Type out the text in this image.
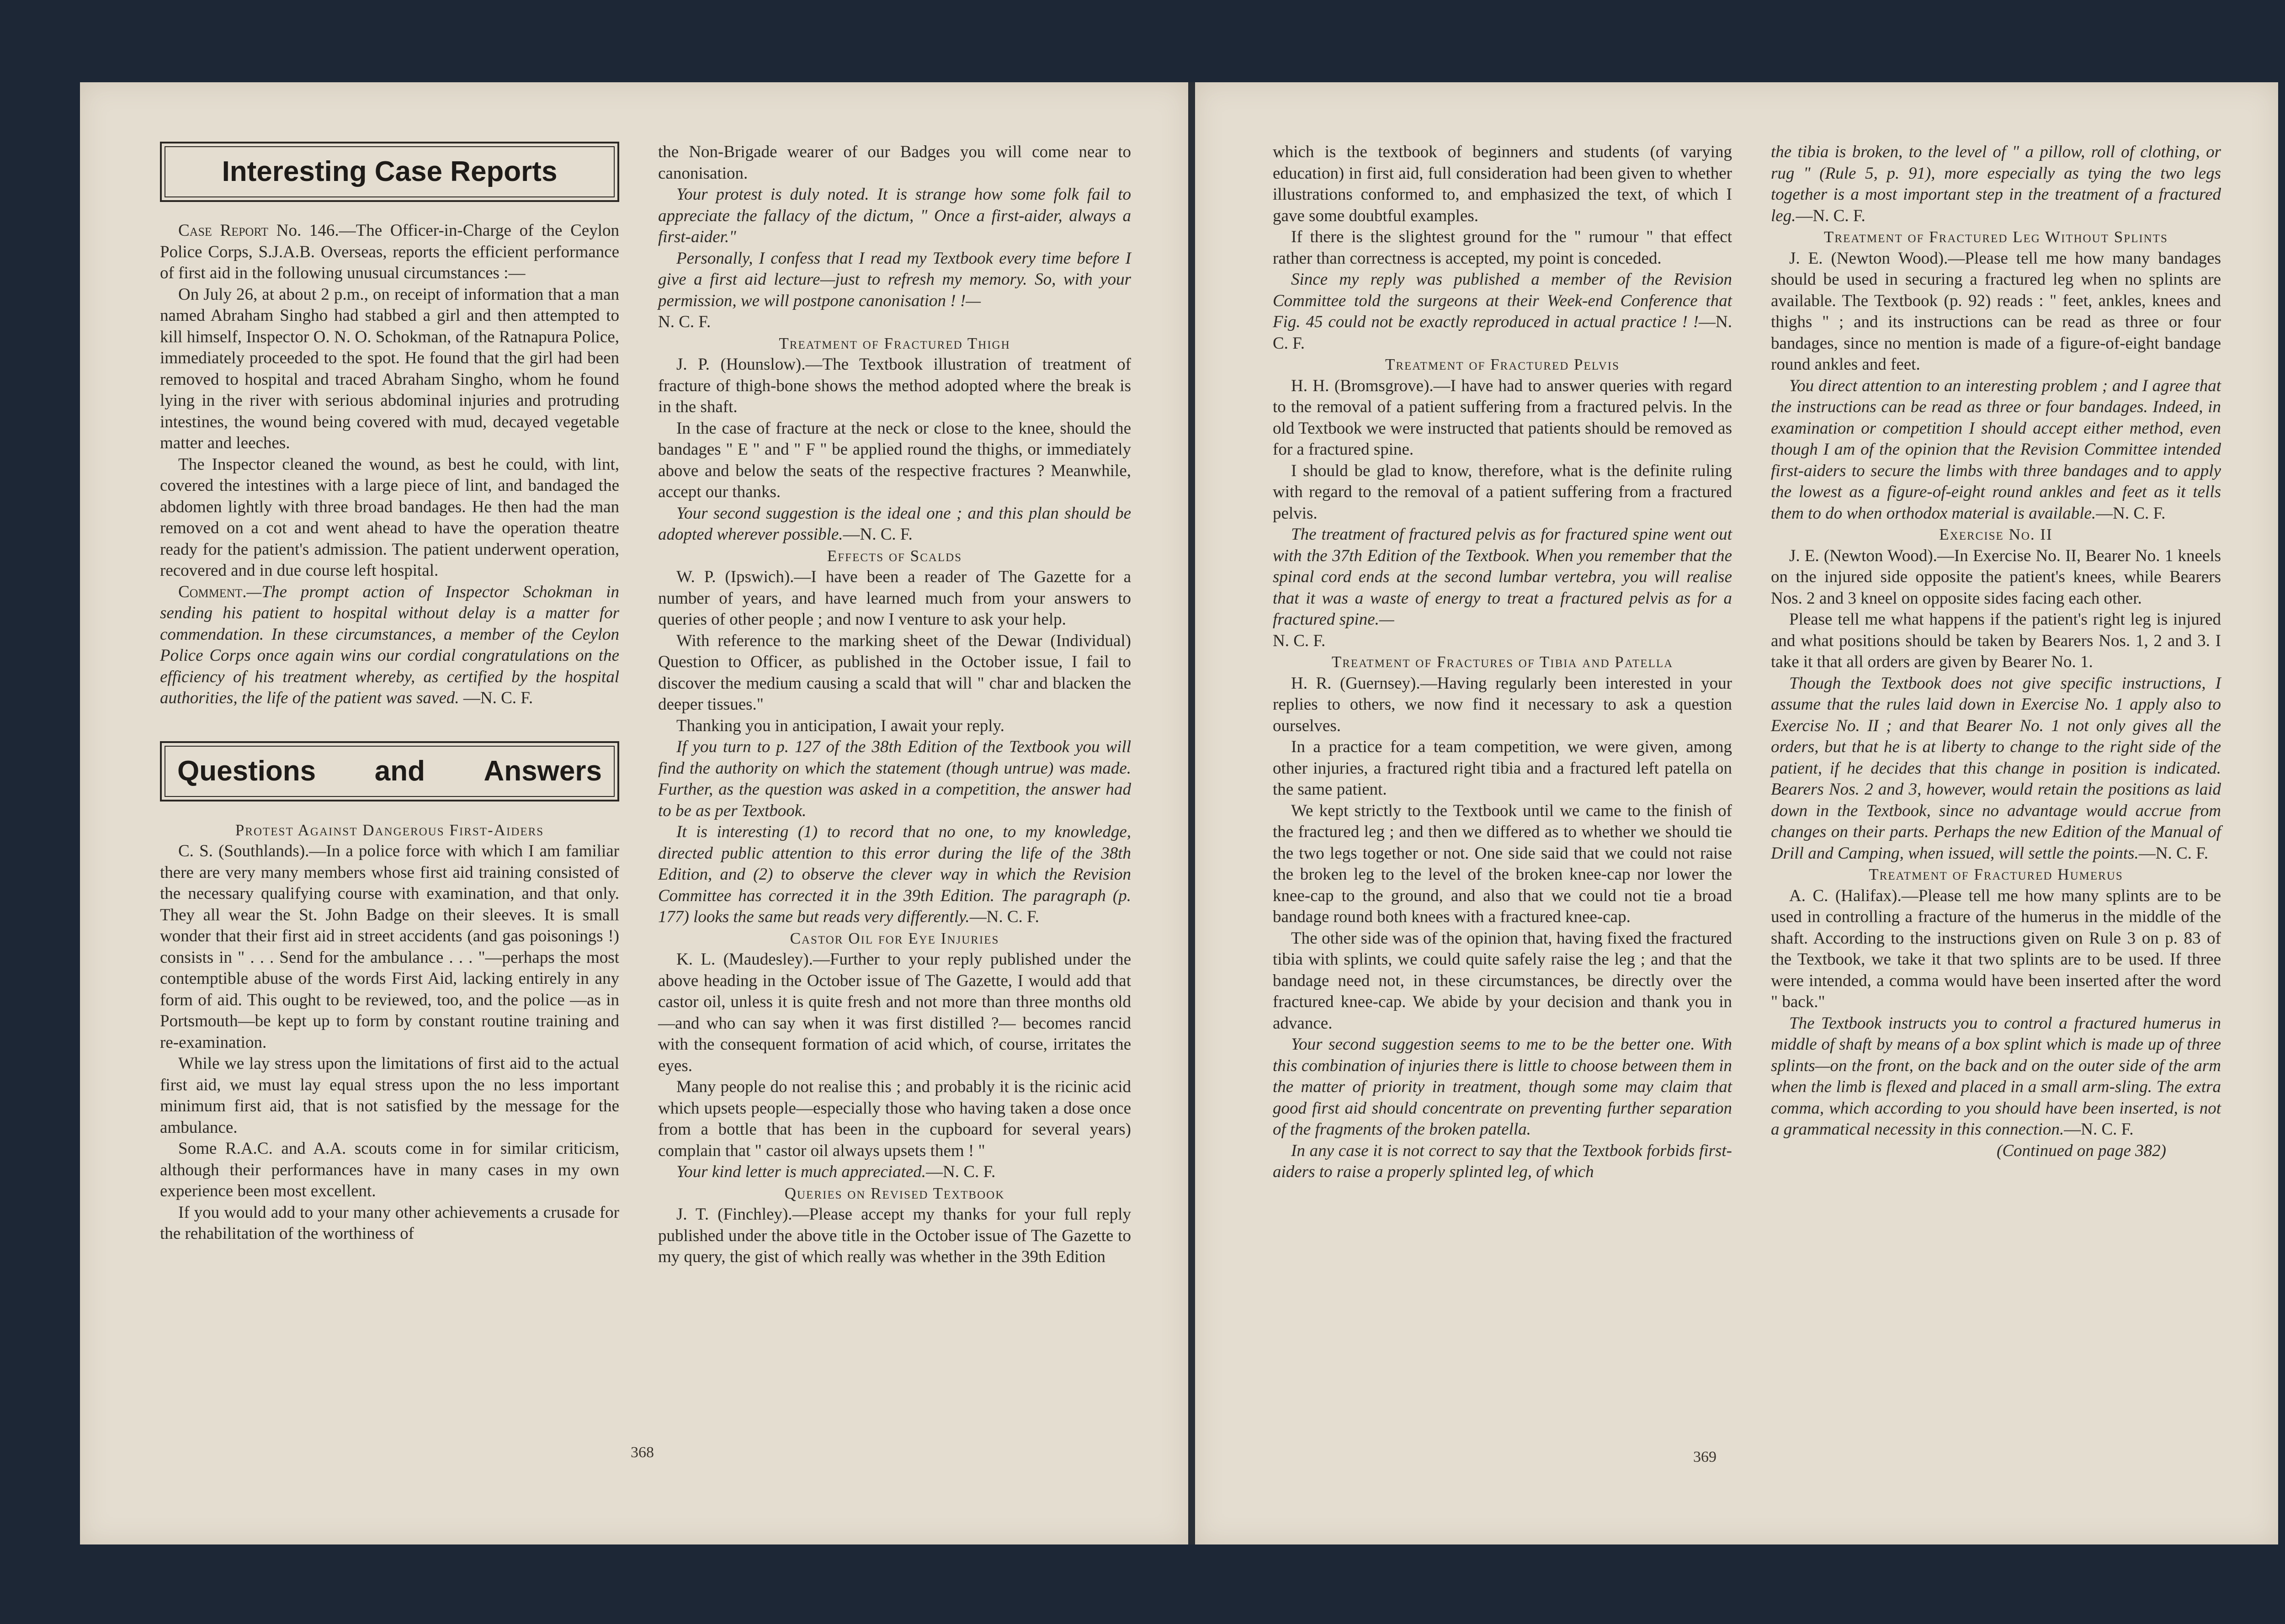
Interesting Case Reports

Case Report No. 146.—The Officer-in-Charge of the Ceylon Police Corps, S.J.A.B. Overseas, reports the efficient performance of first aid in the following unusual circumstances :—

On July 26, at about 2 p.m., on receipt of information that a man named Abraham Singho had stabbed a girl and then attempted to kill himself, Inspector O. N. O. Schokman, of the Ratnapura Police, immediately proceeded to the spot. He found that the girl had been removed to hospital and traced Abraham Singho, whom he found lying in the river with serious abdominal injuries and protruding intestines, the wound being covered with mud, decayed vegetable matter and leeches.

The Inspector cleaned the wound, as best he could, with lint, covered the intestines with a large piece of lint, and bandaged the abdomen lightly with three broad bandages. He then had the man removed on a cot and went ahead to have the operation theatre ready for the patient's admission. The patient underwent operation, recovered and in due course left hospital.

Comment.—The prompt action of Inspector Schokman in sending his patient to hospital without delay is a matter for commendation. In these circumstances, a member of the Ceylon Police Corps once again wins our cordial congratulations on the efficiency of his treatment whereby, as certified by the hospital authorities, the life of the patient was saved. —N. C. F.

Questions and Answers

Protest Against Dangerous First-Aiders

C. S. (Southlands).—In a police force with which I am familiar there are very many members whose first aid training consisted of the necessary qualifying course with examination, and that only. They all wear the St. John Badge on their sleeves. It is small wonder that their first aid in street accidents (and gas poisonings !) consists in " . . . Send for the ambulance . . . "—perhaps the most contemptible abuse of the words First Aid, lacking entirely in any form of aid. This ought to be reviewed, too, and the police —as in Portsmouth—be kept up to form by constant routine training and re-examination.

While we lay stress upon the limitations of first aid to the actual first aid, we must lay equal stress upon the no less important minimum first aid, that is not satisfied by the message for the ambulance.

Some R.A.C. and A.A. scouts come in for similar criticism, although their performances have in many cases in my own experience been most excellent.

If you would add to your many other achievements a crusade for the rehabilitation of the worthiness of

the Non-Brigade wearer of our Badges you will come near to canonisation.

Your protest is duly noted. It is strange how some folk fail to appreciate the fallacy of the dictum, " Once a first-aider, always a first-aider."

Personally, I confess that I read my Textbook every time before I give a first aid lecture—just to refresh my memory. So, with your permission, we will postpone canonisation ! !—
N. C. F.

Treatment of Fractured Thigh

J. P. (Hounslow).—The Textbook illustration of treatment of fracture of thigh-bone shows the method adopted where the break is in the shaft.

In the case of fracture at the neck or close to the knee, should the bandages " E " and " F " be applied round the thighs, or immediately above and below the seats of the respective fractures ? Meanwhile, accept our thanks.

Your second suggestion is the ideal one ; and this plan should be adopted wherever possible.—N. C. F.

Effects of Scalds

W. P. (Ipswich).—I have been a reader of The Gazette for a number of years, and have learned much from your answers to queries of other people ; and now I venture to ask your help.

With reference to the marking sheet of the Dewar (Individual) Question to Officer, as published in the October issue, I fail to discover the medium causing a scald that will " char and blacken the deeper tissues."

Thanking you in anticipation, I await your reply.

If you turn to p. 127 of the 38th Edition of the Textbook you will find the authority on which the statement (though untrue) was made. Further, as the question was asked in a competition, the answer had to be as per Textbook.

It is interesting (1) to record that no one, to my knowledge, directed public attention to this error during the life of the 38th Edition, and (2) to observe the clever way in which the Revision Committee has corrected it in the 39th Edition. The paragraph (p. 177) looks the same but reads very differently.—N. C. F.

Castor Oil for Eye Injuries

K. L. (Maudesley).—Further to your reply published under the above heading in the October issue of The Gazette, I would add that castor oil, unless it is quite fresh and not more than three months old—and who can say when it was first distilled ?— becomes rancid with the consequent formation of acid which, of course, irritates the eyes.

Many people do not realise this ; and probably it is the ricinic acid which upsets people—especially those who having taken a dose once from a bottle that has been in the cupboard for several years) complain that " castor oil always upsets them ! "

Your kind letter is much appreciated.—N. C. F.

Queries on Revised Textbook

J. T. (Finchley).—Please accept my thanks for your full reply published under the above title in the October issue of The Gazette to my query, the gist of which really was whether in the 39th Edition

368

which is the textbook of beginners and students (of varying education) in first aid, full consideration had been given to whether illustrations conformed to, and emphasized the text, of which I gave some doubtful examples.

If there is the slightest ground for the " rumour " that effect rather than correctness is accepted, my point is conceded.

Since my reply was published a member of the Revision Committee told the surgeons at their Week-end Conference that Fig. 45 could not be exactly reproduced in actual practice ! !—N. C. F.

Treatment of Fractured Pelvis

H. H. (Bromsgrove).—I have had to answer queries with regard to the removal of a patient suffering from a fractured pelvis. In the old Textbook we were instructed that patients should be removed as for a fractured spine.

I should be glad to know, therefore, what is the definite ruling with regard to the removal of a patient suffering from a fractured pelvis.

The treatment of fractured pelvis as for fractured spine went out with the 37th Edition of the Textbook. When you remember that the spinal cord ends at the second lumbar vertebra, you will realise that it was a waste of energy to treat a fractured pelvis as for a fractured spine.—
N. C. F.

Treatment of Fractures of Tibia and Patella

H. R. (Guernsey).—Having regularly been interested in your replies to others, we now find it necessary to ask a question ourselves.

In a practice for a team competition, we were given, among other injuries, a fractured right tibia and a fractured left patella on the same patient.

We kept strictly to the Textbook until we came to the finish of the fractured leg ; and then we differed as to whether we should tie the two legs together or not. One side said that we could not raise the broken leg to the level of the broken knee-cap nor lower the knee-cap to the ground, and also that we could not tie a broad bandage round both knees with a fractured knee-cap.

The other side was of the opinion that, having fixed the fractured tibia with splints, we could quite safely raise the leg ; and that the bandage need not, in these circumstances, be directly over the fractured knee-cap. We abide by your decision and thank you in advance.

Your second suggestion seems to me to be the better one. With this combination of injuries there is little to choose between them in the matter of priority in treatment, though some may claim that good first aid should concentrate on preventing further separation of the fragments of the broken patella.

In any case it is not correct to say that the Textbook forbids first-aiders to raise a properly splinted leg, of which

the tibia is broken, to the level of " a pillow, roll of clothing, or rug " (Rule 5, p. 91), more especially as tying the two legs together is a most important step in the treatment of a fractured leg.—N. C. F.

Treatment of Fractured Leg Without Splints

J. E. (Newton Wood).—Please tell me how many bandages should be used in securing a fractured leg when no splints are available. The Textbook (p. 92) reads : " feet, ankles, knees and thighs " ; and its instructions can be read as three or four bandages, since no mention is made of a figure-of-eight bandage round ankles and feet.

You direct attention to an interesting problem ; and I agree that the instructions can be read as three or four bandages. Indeed, in examination or competition I should accept either method, even though I am of the opinion that the Revision Committee intended first-aiders to secure the limbs with three bandages and to apply the lowest as a figure-of-eight round ankles and feet as it tells them to do when orthodox material is available.—N. C. F.

Exercise No. II

J. E. (Newton Wood).—In Exercise No. II, Bearer No. 1 kneels on the injured side opposite the patient's knees, while Bearers Nos. 2 and 3 kneel on opposite sides facing each other.

Please tell me what happens if the patient's right leg is injured and what positions should be taken by Bearers Nos. 1, 2 and 3. I take it that all orders are given by Bearer No. 1.

Though the Textbook does not give specific instructions, I assume that the rules laid down in Exercise No. 1 apply also to Exercise No. II ; and that Bearer No. 1 not only gives all the orders, but that he is at liberty to change to the right side of the patient, if he decides that this change in position is indicated. Bearers Nos. 2 and 3, however, would retain the positions as laid down in the Textbook, since no advantage would accrue from changes on their parts. Perhaps the new Edition of the Manual of Drill and Camping, when issued, will settle the points.—N. C. F.

Treatment of Fractured Humerus

A. C. (Halifax).—Please tell me how many splints are to be used in controlling a fracture of the humerus in the middle of the shaft. According to the instructions given on Rule 3 on p. 83 of the Textbook, we take it that two splints are to be used. If three were intended, a comma would have been inserted after the word " back."

The Textbook instructs you to control a fractured humerus in middle of shaft by means of a box splint which is made up of three splints—on the front, on the back and on the outer side of the arm when the limb is flexed and placed in a small arm-sling. The extra comma, which according to you should have been inserted, is not a grammatical necessity in this connection.—N. C. F.

(Continued on page 382)

369
